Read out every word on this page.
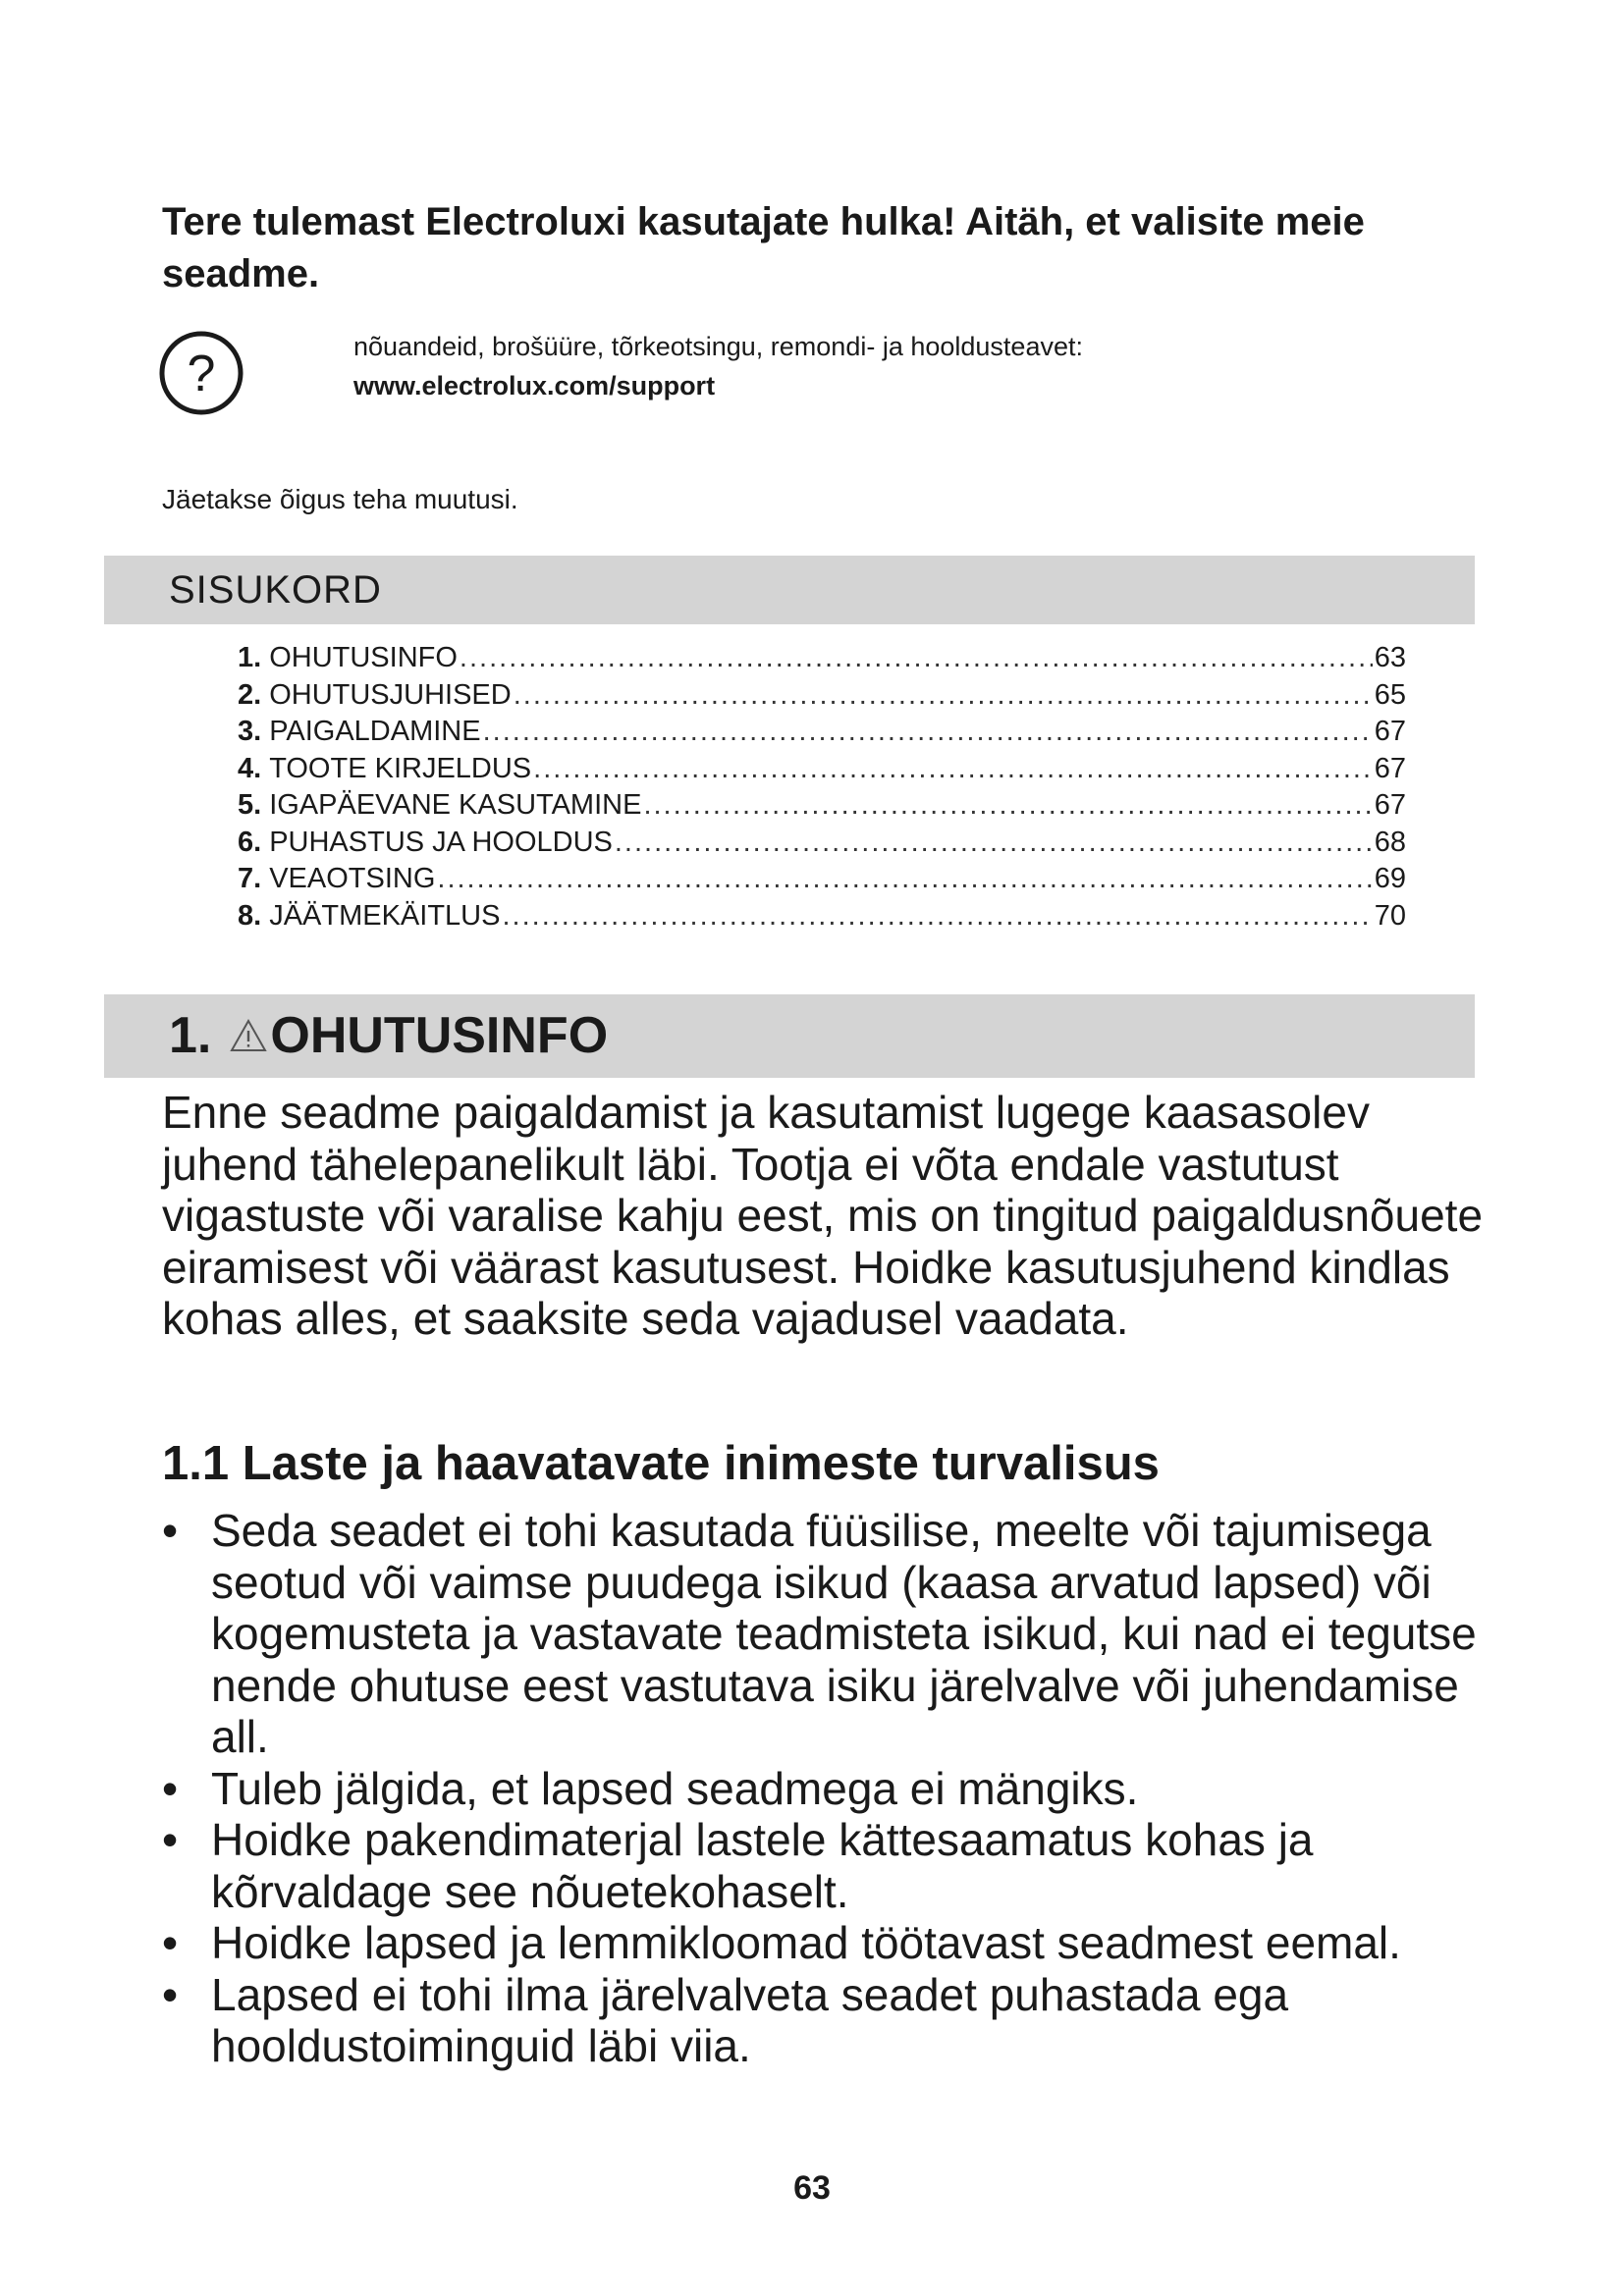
Tere tulemast Electroluxi kasutajate hulka! Aitäh, et valisite meie seadme.
?	nõuandeid, brošüüre, tõrkeotsingu, remondi- ja hooldusteavet:
www.electrolux.com/support
Jäetakse õigus teha muutusi.
SISUKORD
1. OHUTUSINFO .....	63
2. OHUTUSJUHISED .....	65
3. PAIGALDAMINE .....	67
4. TOOTE KIRJELDUS .....	67
5. IGAPÄEVANE KASUTAMINE .....	67
6. PUHASTUS JA HOOLDUS .....	68
7. VEAOTSING .....	69
8. JÄÄTMEKÄITLUS .....	70
1. OHUTUSINFO

Enne seadme paigaldamist ja kasutamist lugege kaasasolev juhend tähelepanelikult läbi. Tootja ei võta endale vastutust vigastuste või varalise kahju eest, mis on tingitud paigaldusnõuete eiramisest või väärast kasutusest. Hoidke kasutusjuhend kindlas kohas alles, et saaksite seda vajadusel vaadata.

1.1 Laste ja haavatavate inimeste turvalisus
• Seda seadet ei tohi kasutada füüsilise, meelte või tajumisega seotud või vaimse puudega isikud (kaasa arvatud lapsed) või kogemusteta ja vastavate teadmisteta isikud, kui nad ei tegutse nende ohutuse eest vastutava isiku järelvalve või juhendamise all.
• Tuleb jälgida, et lapsed seadmega ei mängiks.
• Hoidke pakendimaterjal lastele kättesaamatus kohas ja kõrvaldage see nõuetekohaselt.
• Hoidke lapsed ja lemmikloomad töötavast seadmest eemal.
• Lapsed ei tohi ilma järelvalveta seadet puhastada ega hooldustoiminguid läbi viia.
63
